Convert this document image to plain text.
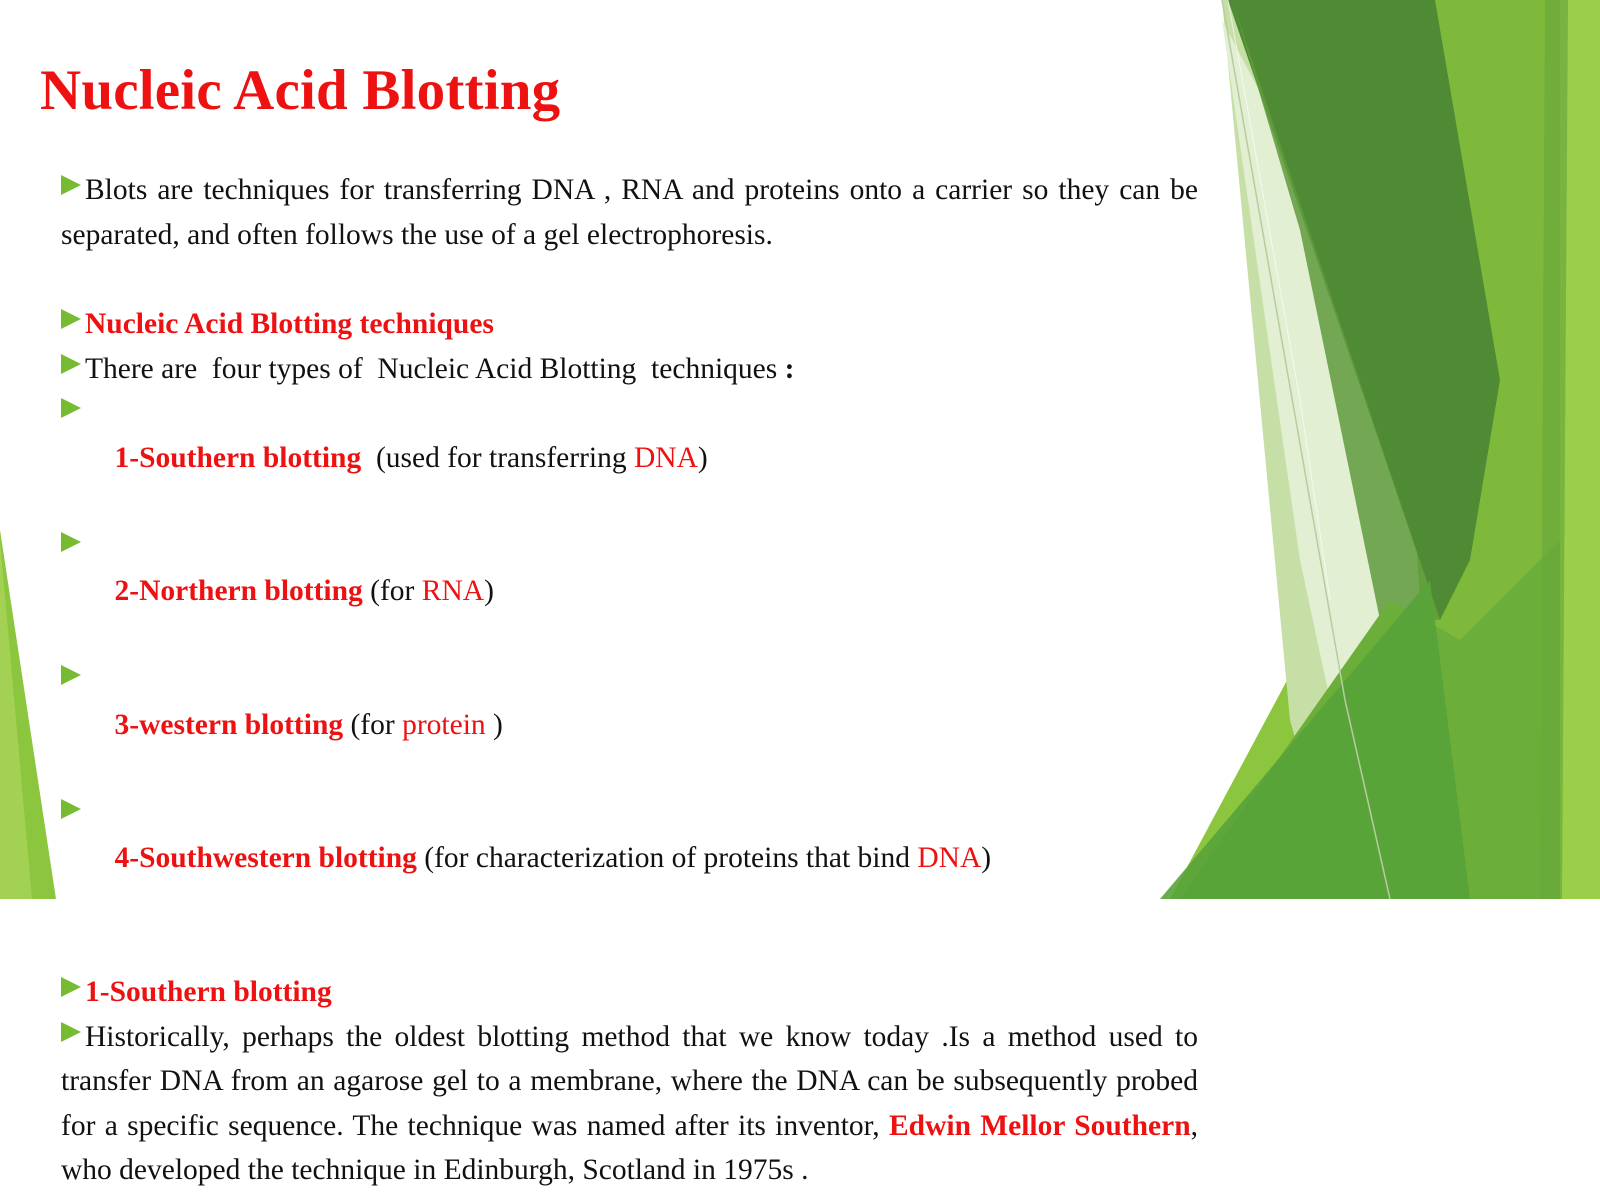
Nucleic Acid Blotting
Blots are techniques for transferring DNA , RNA and proteins onto a carrier so they can be separated, and often follows the use of a gel electrophoresis.
Nucleic Acid Blotting techniques
There are  four types of  Nucleic Acid Blotting  techniques :

1-Southern blotting  (used for transferring DNA)

2-Northern blotting (for RNA)

3-western blotting (for protein )

4-Southwestern blotting (for characterization of proteins that bind DNA)

1-Southern blotting
Historically, perhaps the oldest blotting method that we know today .Is a method used to transfer DNA from an agarose gel to a membrane, where the DNA can be subsequently probed for a specific sequence. The technique was named after its inventor, Edwin Mellor Southern, who developed the technique in Edinburgh, Scotland in 1975s .
